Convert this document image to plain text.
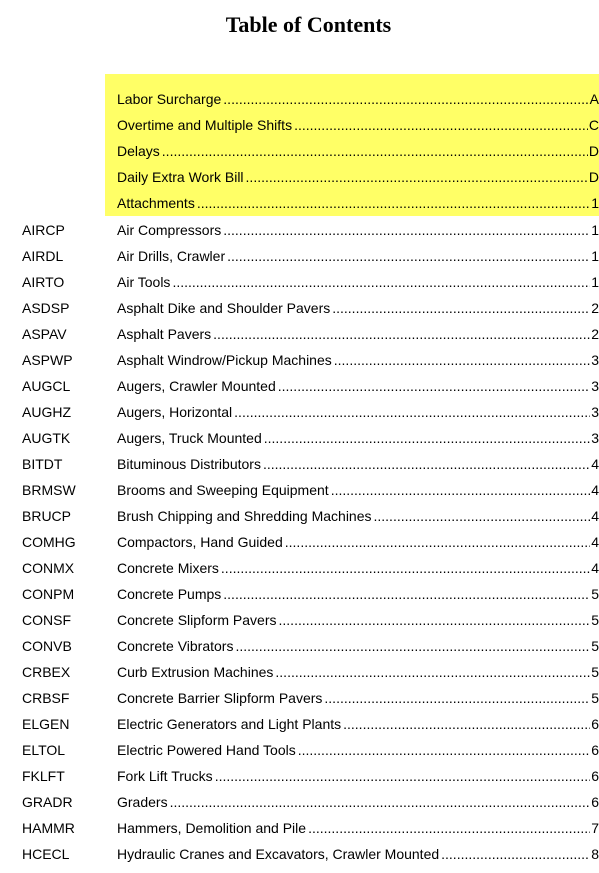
Table of Contents
Labor Surcharge .....	A
Overtime and Multiple Shifts .....	C
Delays .....	D
Daily Extra Work Bill .....	D
Attachments .....	1
AIRCP	Air Compressors .....	1
AIRDL	Air Drills, Crawler .....	1
AIRTO	Air Tools .....	1
ASDSP	Asphalt Dike and Shoulder Pavers .....	2
ASPAV	Asphalt Pavers .....	2
ASPWP	Asphalt Windrow/Pickup Machines .....	3
AUGCL	Augers, Crawler Mounted .....	3
AUGHZ	Augers, Horizontal .....	3
AUGTK	Augers, Truck Mounted .....	3
BITDT	Bituminous Distributors .....	4
BRMSW	Brooms and Sweeping Equipment .....	4
BRUCP	Brush Chipping and Shredding Machines .....	4
COMHG	Compactors, Hand Guided .....	4
CONMX	Concrete Mixers .....	4
CONPM	Concrete Pumps .....	5
CONSF	Concrete Slipform Pavers .....	5
CONVB	Concrete Vibrators .....	5
CRBEX	Curb Extrusion Machines .....	5
CRBSF	Concrete Barrier Slipform Pavers .....	5
ELGEN	Electric Generators and Light Plants .....	6
ELTOL	Electric Powered Hand Tools .....	6
FKLFT	Fork Lift Trucks .....	6
GRADR	Graders .....	6
HAMMR	Hammers, Demolition and Pile .....	7
HCECL	Hydraulic Cranes and Excavators, Crawler Mounted .....	8
